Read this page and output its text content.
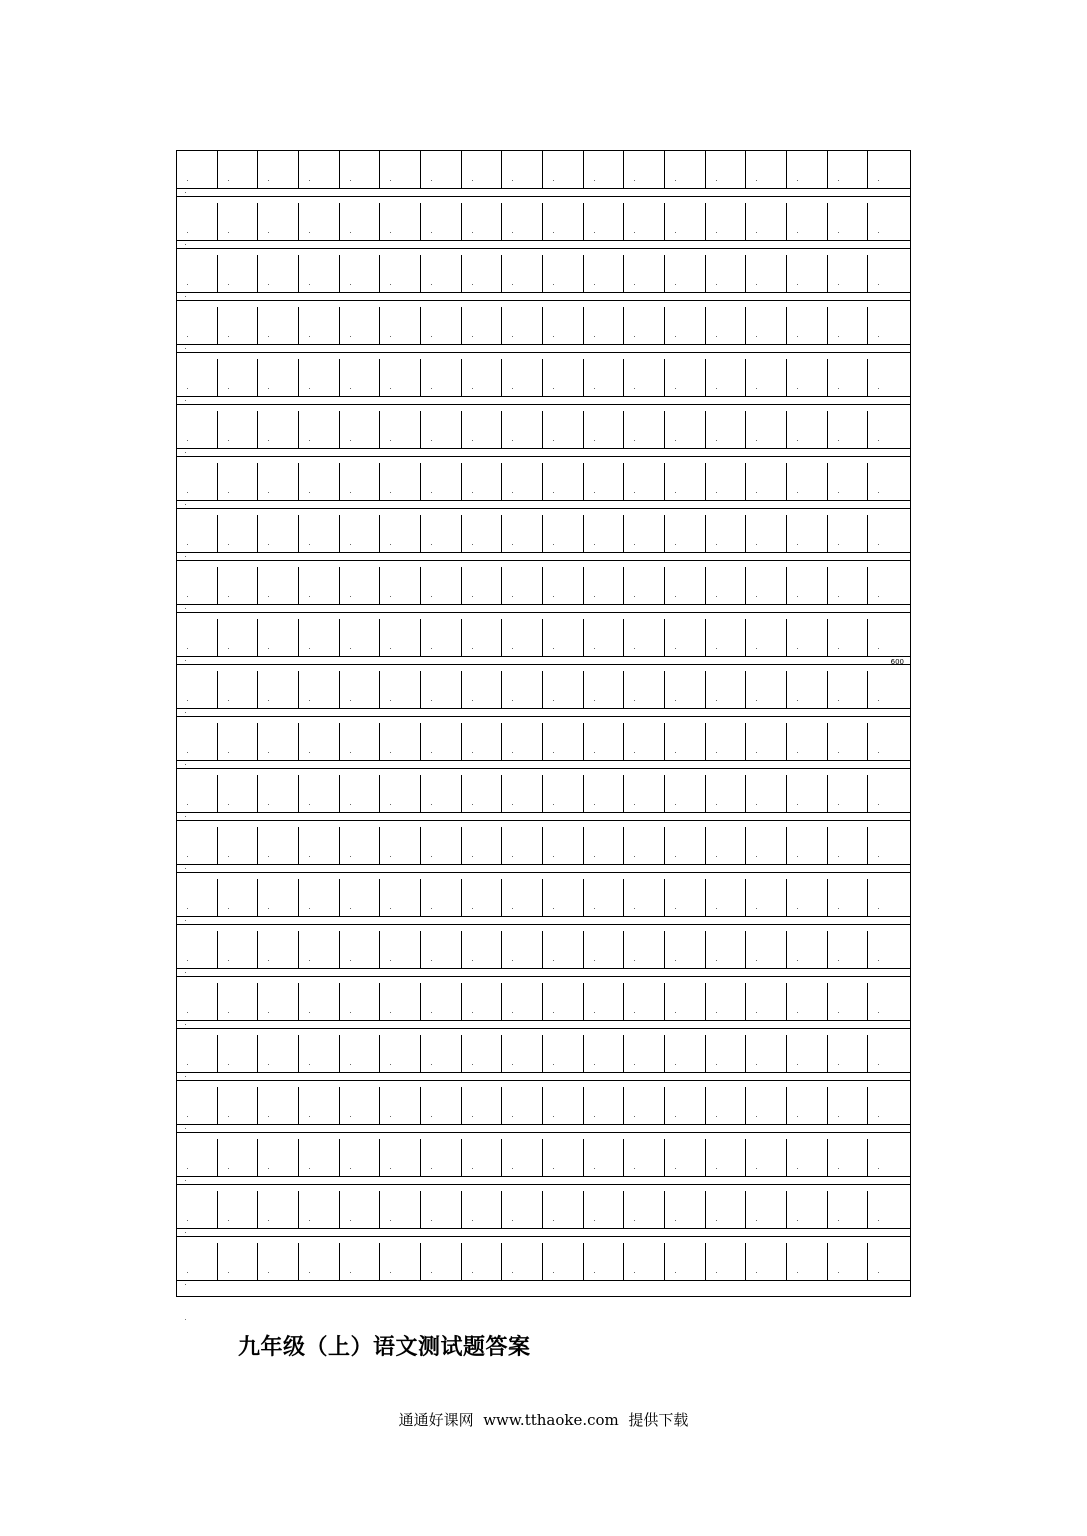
600
九年级（上）语文测试题答案
通通好课网  www.tthaoke.com  提供下载
